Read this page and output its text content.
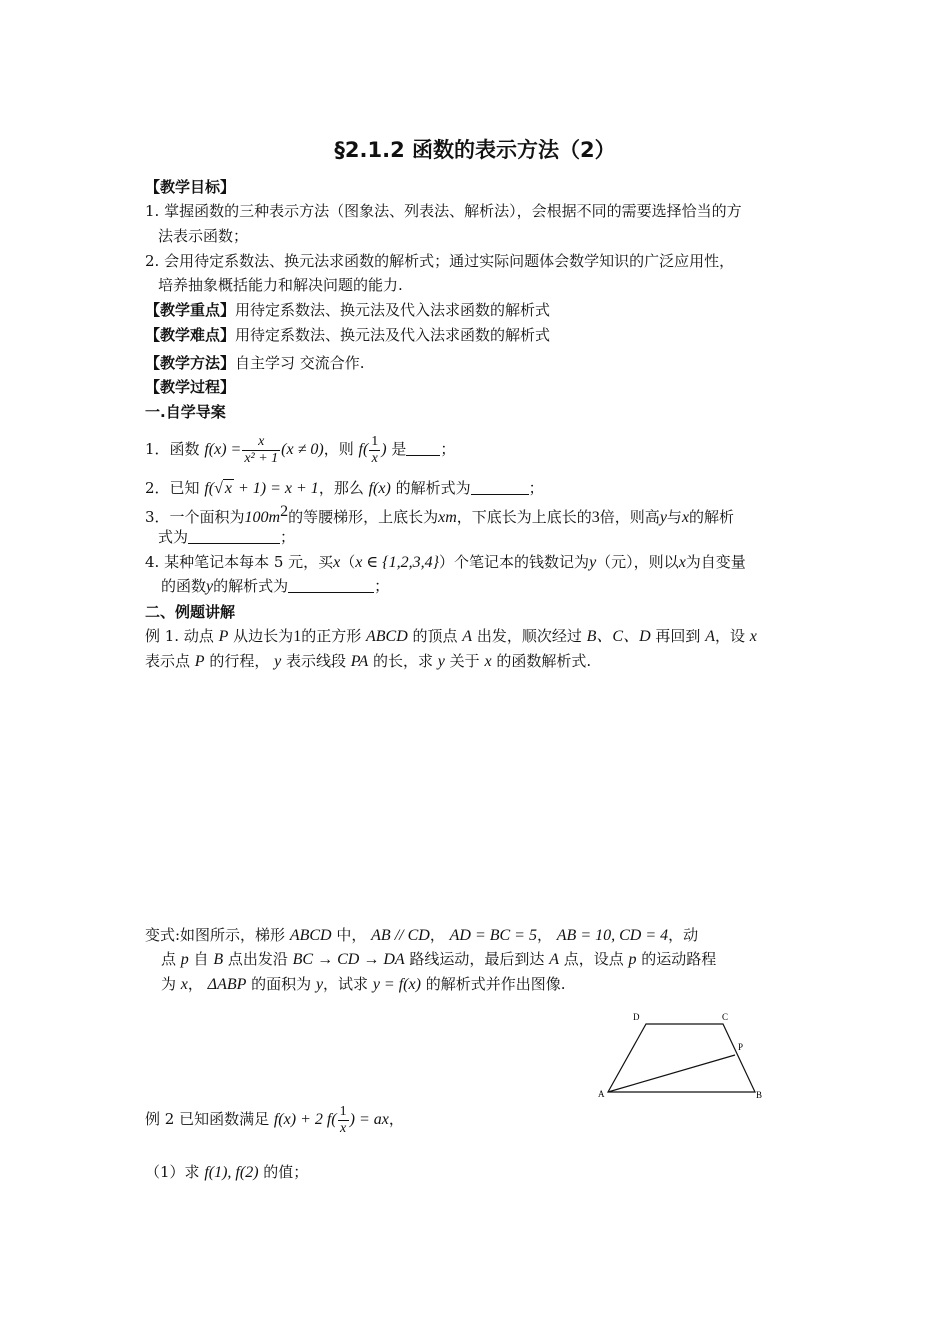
§2.1.2 函数的表示方法（2）
【教学目标】
1. 掌握函数的三种表示方法（图象法、列表法、解析法），会根据不同的需要选择恰当的方
法表示函数；
2. 会用待定系数法、换元法求函数的解析式；通过实际问题体会数学知识的广泛应用性，
培养抽象概括能力和解决问题的能力.
【教学重点】用待定系数法、换元法及代入法求函数的解析式
【教学难点】用待定系数法、换元法及代入法求函数的解析式
【教学方法】自主学习 交流合作.
【教学过程】
一.自学导案
1．函数 $f(x) = \frac{x}{\text{x² + 1}} (x \ne 0)$，则 $f( \frac{1}{x}$ ) 是 ；
2．已知 f(√ x + 1) = x + 1，那么 f(x) 的解析式为	；
3．一个面积为$100m^2$的等腰梯形，上底长为xm，下底长为上底长的3倍，则高y与x的解析
式为	；
4. 某种笔记本每本 5 元，买x（x ∈ {1,2,3,4}）个笔记本的钱数记为y（元），则以x为自变量
的函数y的解析式为	；
二、例题讲解
例 1. 动点 P 从边长为1的正方形 ABCD 的顶点 A 出发，顺次经过 B、C、D 再回到 A，设 x
表示点 P 的行程， y 表示线段 PA 的长，求 y 关于 x 的函数解析式.
变式:如图所示，梯形 ABCD 中， AB // CD， AD = BC = 5， AB = 10, CD = 4，动
点 p 自 B 点出发沿 BC → CD → DA 路线运动，最后到达 A 点，设点 p 的运动路程
为 x， ΔABP 的面积为 y，试求 y = f(x) 的解析式并作出图像.
A	B
C
D
P
例 2 已知函数满足 f(x) + 2 $f( \frac{1}{x}$ ) = ax，
（1）求 f(1), f(2) 的值；
